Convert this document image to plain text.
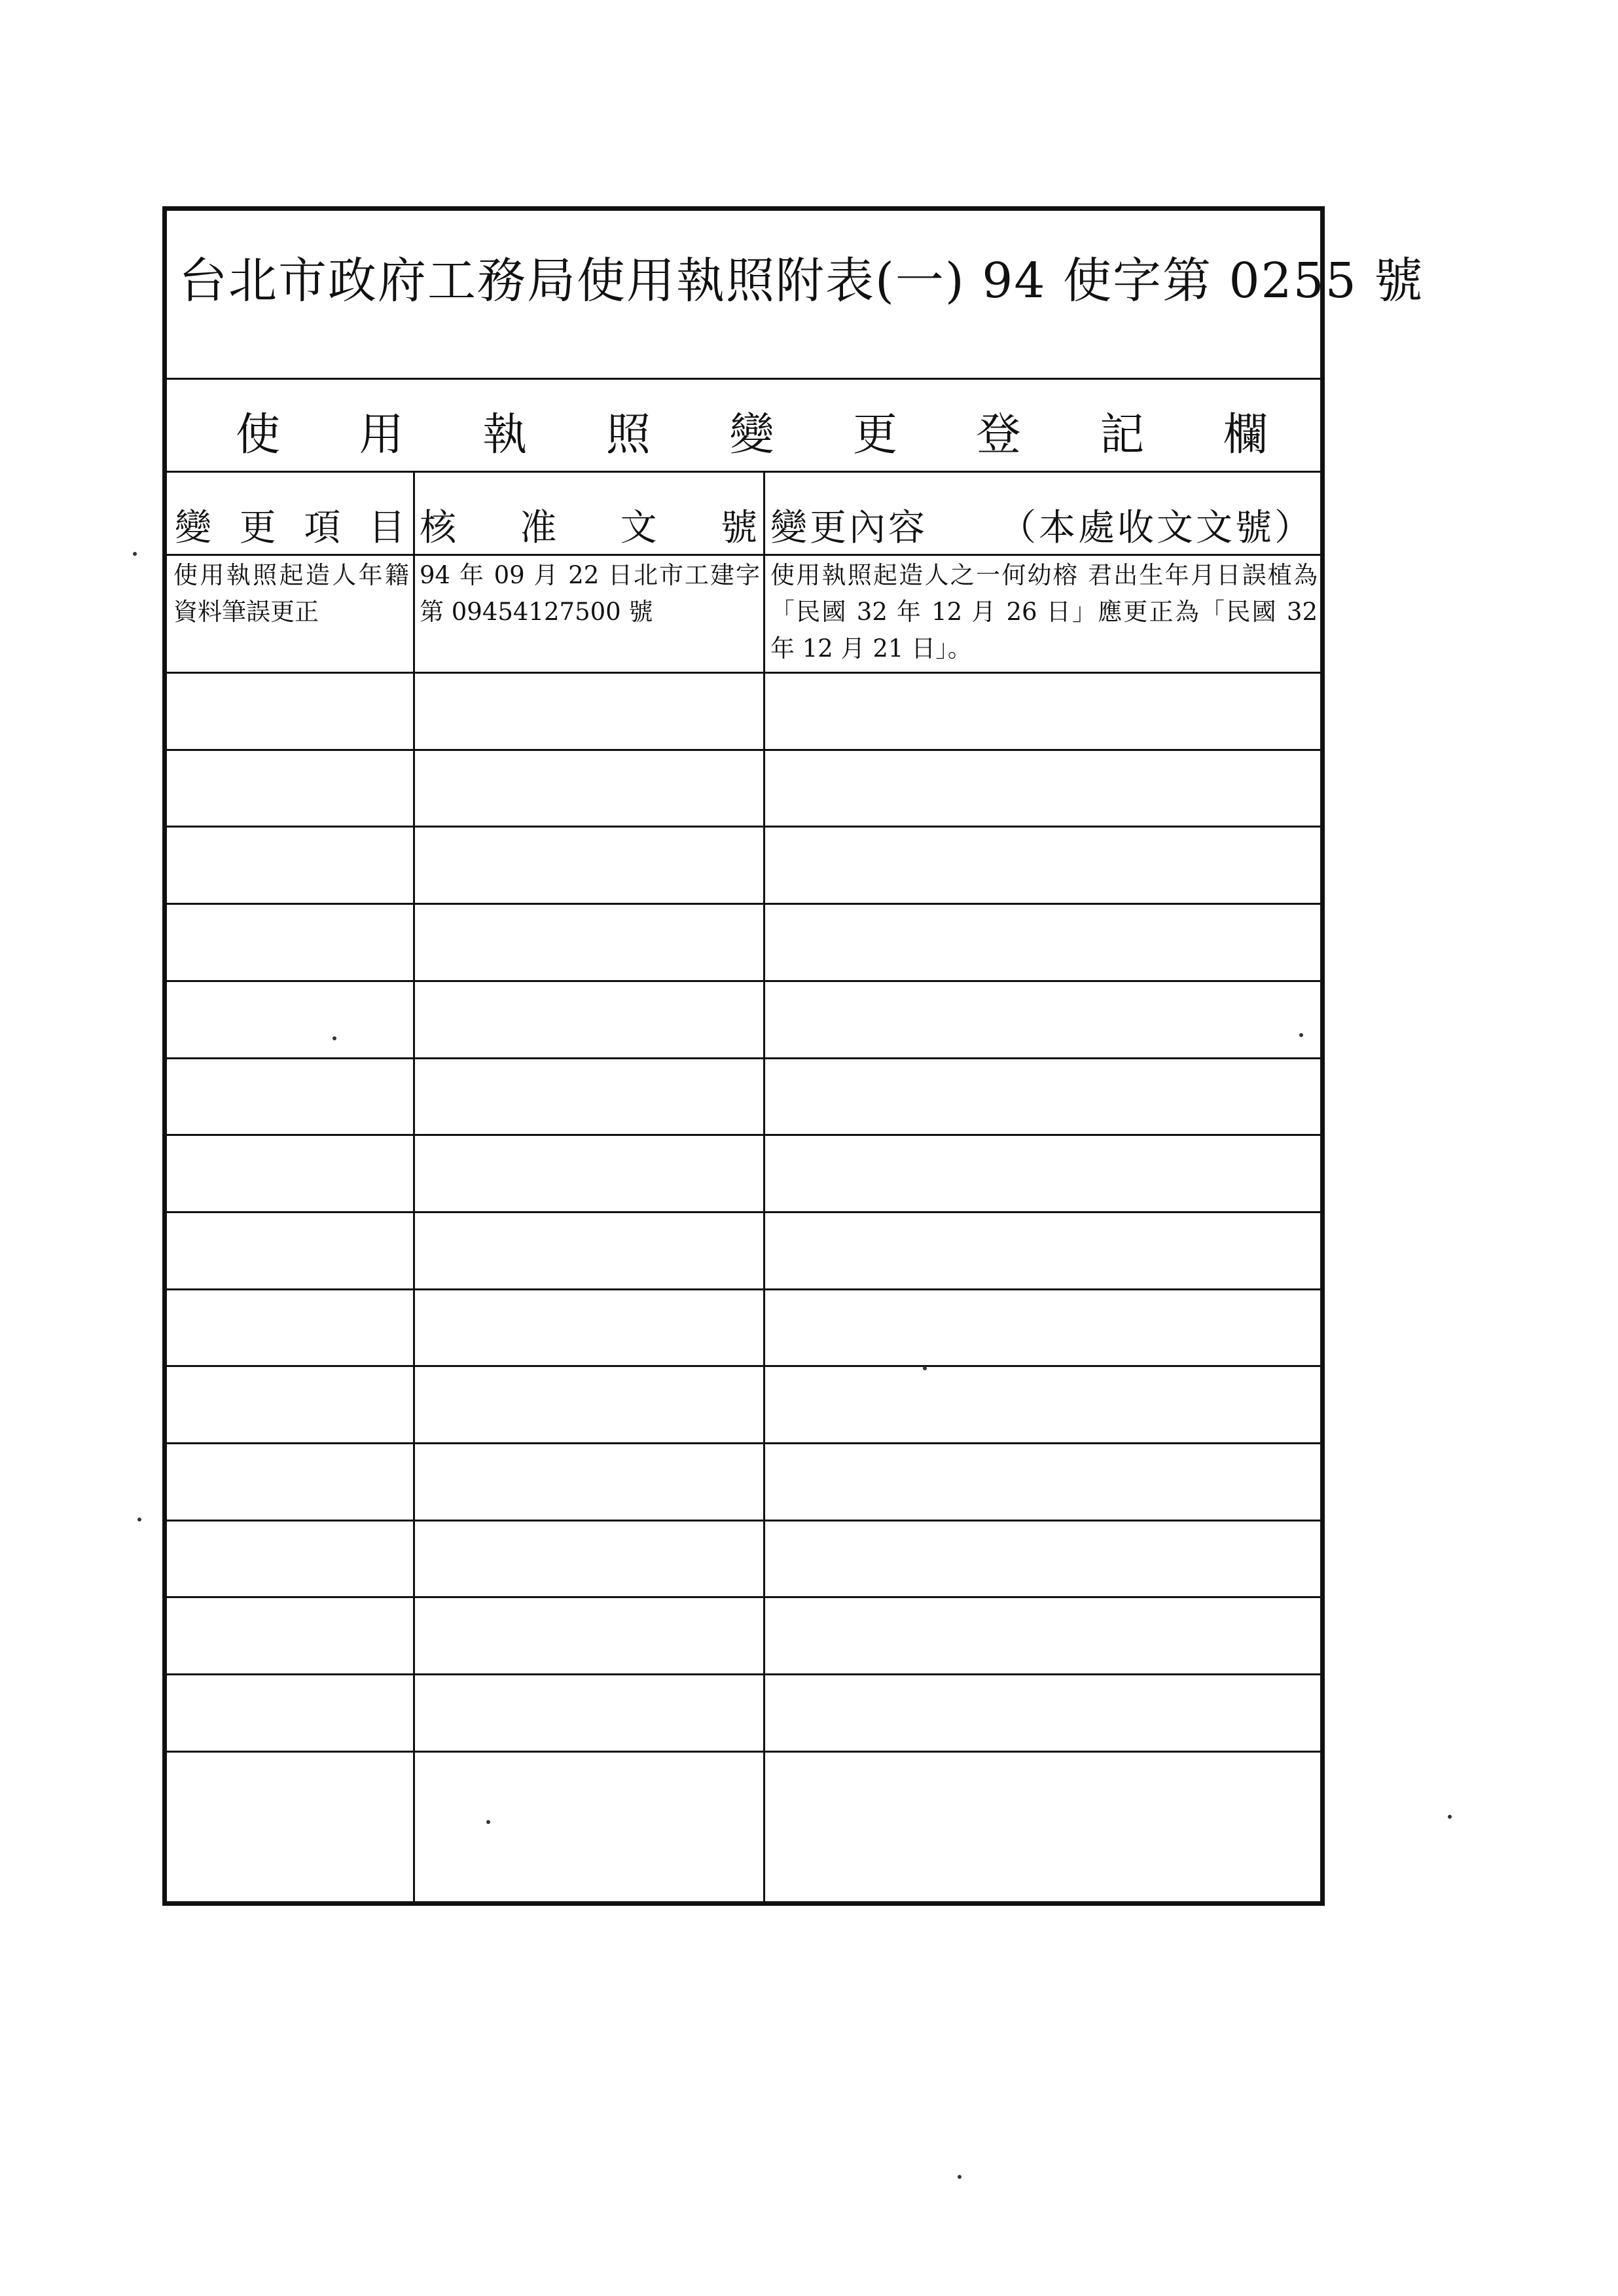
台北市政府工務局使用執照附表(一) 94 使字第 0255 號
使 用 執 照 變 更 登 記 欄
變 更 項 目 核 准 文 號 變更內容 （本處收文文號）
使用執照起造人年籍資料筆誤更正
94 年 09 月 22 日北市工建字第 09454127500 號
使用執照起造人之一何幼榕 君出生年月日誤植為「民國 32 年 12 月 26 日」應更正為「民國 32 年 12 月 21 日」。
